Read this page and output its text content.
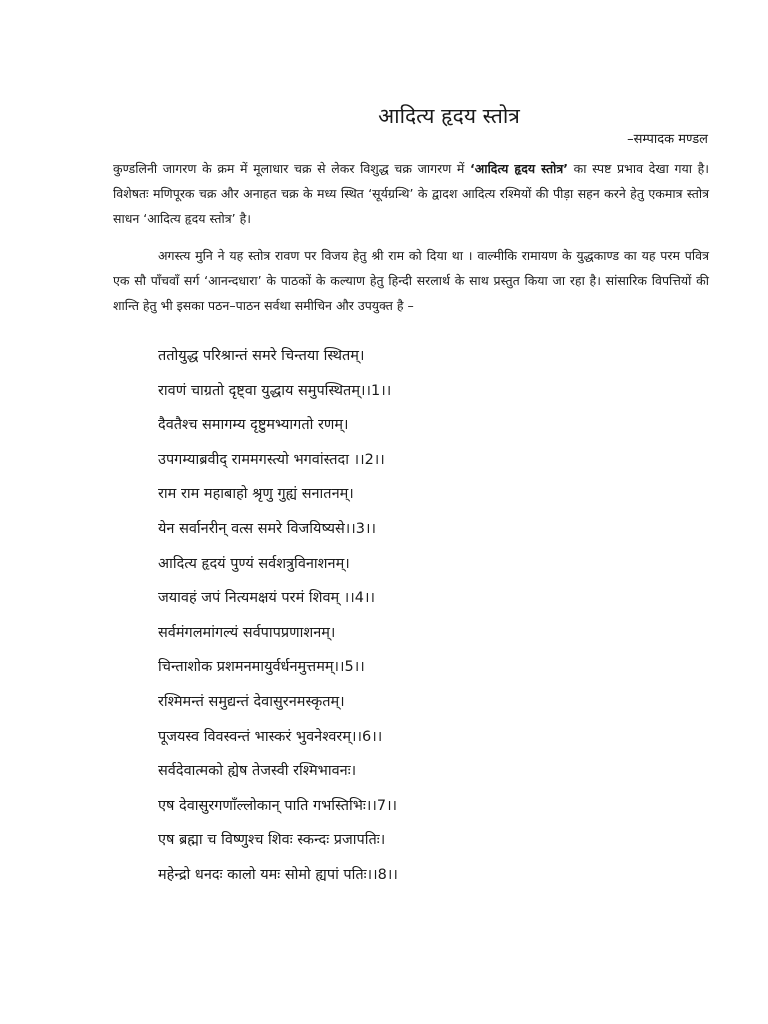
आदित्य हृदय स्तोत्र
–सम्पादक मण्डल

कुण्डलिनी जागरण के क्रम में मूलाधार चक्र से लेकर विशुद्ध चक्र जागरण में ‘आदित्य हृदय स्तोत्र’ का स्पष्ट प्रभाव देखा गया है। विशेषतः मणिपूरक चक्र और अनाहत चक्र के मध्य स्थित ‘सूर्यग्रन्थि’ के द्वादश आदित्य रश्मियों की पीड़ा सहन करने हेतु एकमात्र स्तोत्र साधन ‘आदित्य हृदय स्तोत्र’ है।

अगस्त्य मुनि ने यह स्तोत्र रावण पर विजय हेतु श्री राम को दिया था । वाल्मीकि रामायण के युद्धकाण्ड का यह परम पवित्र एक सौ पाँचवाँ सर्ग ‘आनन्दधारा’ के पाठकों के कल्याण हेतु हिन्दी सरलार्थ के साथ प्रस्तुत किया जा रहा है। सांसारिक विपत्तियों की शान्ति हेतु भी इसका पठन–पाठन सर्वथा समीचिन और उपयुक्त है –

ततोयुद्ध परिश्रान्तं समरे चिन्तया स्थितम्।
रावणं चाग्रतो दृष्ट्वा युद्धाय समुपस्थितम्।।1।।
दैवतैश्च समागम्य दृष्टुमभ्यागतो रणम्।
उपगम्याब्रवीद् राममगस्त्यो भगवांस्तदा ।।2।।
राम राम महाबाहो श्रृणु गुह्यं सनातनम्।
येन सर्वानरीन् वत्स समरे विजयिष्यसे।।3।।
आदित्य हृदयं पुण्यं सर्वशत्रुविनाशनम्।
जयावहं जपं नित्यमक्षयं परमं शिवम् ।।4।।
सर्वमंगलमांगल्यं सर्वपापप्रणाशनम्।
चिन्ताशोक प्रशमनमायुर्वर्धनमुत्तमम्।।5।।
रश्मिमन्तं समुद्यन्तं देवासुरनमस्कृतम्।
पूजयस्व विवस्वन्तं भास्करं भुवनेश्वरम्।।6।।
सर्वदेवात्मको ह्येष तेजस्वी रश्मिभावनः।
एष देवासुरगणाँल्लोकान् पाति गभस्तिभिः।।7।।
एष ब्रह्मा च विष्णुश्च शिवः स्कन्दः प्रजापतिः।
महेन्द्रो धनदः कालो यमः सोमो ह्यपां पतिः।।8।।
